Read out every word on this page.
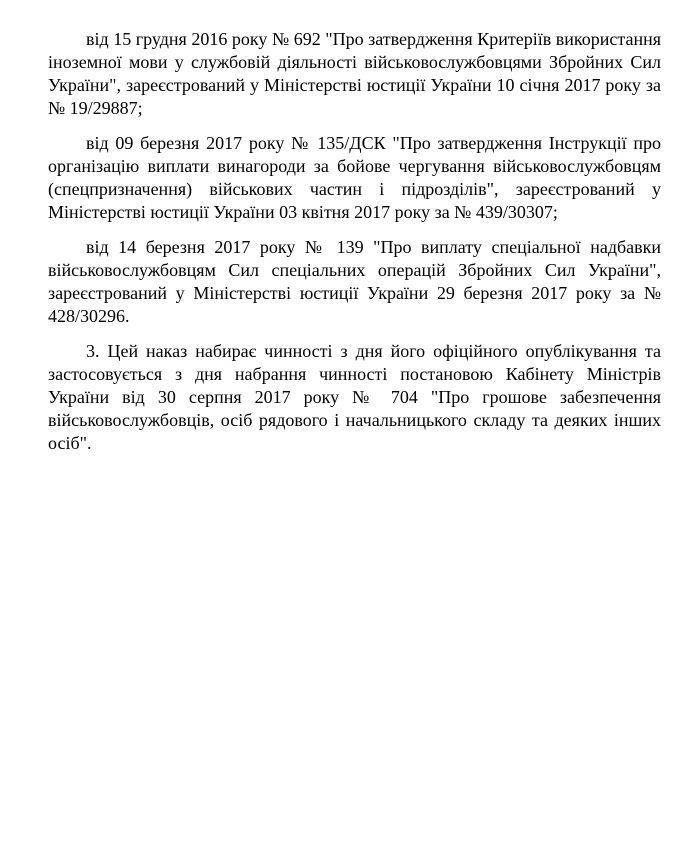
від 15 грудня 2016 року № 692 "Про затвердження Критеріїв використання іноземної мови у службовій діяльності військовослужбовцями Збройних Сил України", зареєстрований у Міністерстві юстиції України 10 січня 2017 року за № 19/29887;

від 09 березня 2017 року № 135/ДСК "Про затвердження Інструкції про організацію виплати винагороди за бойове чергування військовослужбовцям (спецпризначення) військових частин і підрозділів", зареєстрований у Міністерстві юстиції України 03 квітня 2017 року за № 439/30307;

від 14 березня 2017 року № 139 "Про виплату спеціальної надбавки військовослужбовцям Сил спеціальних операцій Збройних Сил України", зареєстрований у Міністерстві юстиції України 29 березня 2017 року за № 428/30296.

3. Цей наказ набирає чинності з дня його офіційного опублікування та застосовується з дня набрання чинності постановою Кабінету Міністрів України від 30 серпня 2017 року № 704 "Про грошове забезпечення військовослужбовців, осіб рядового і начальницького складу та деяких інших осіб".
